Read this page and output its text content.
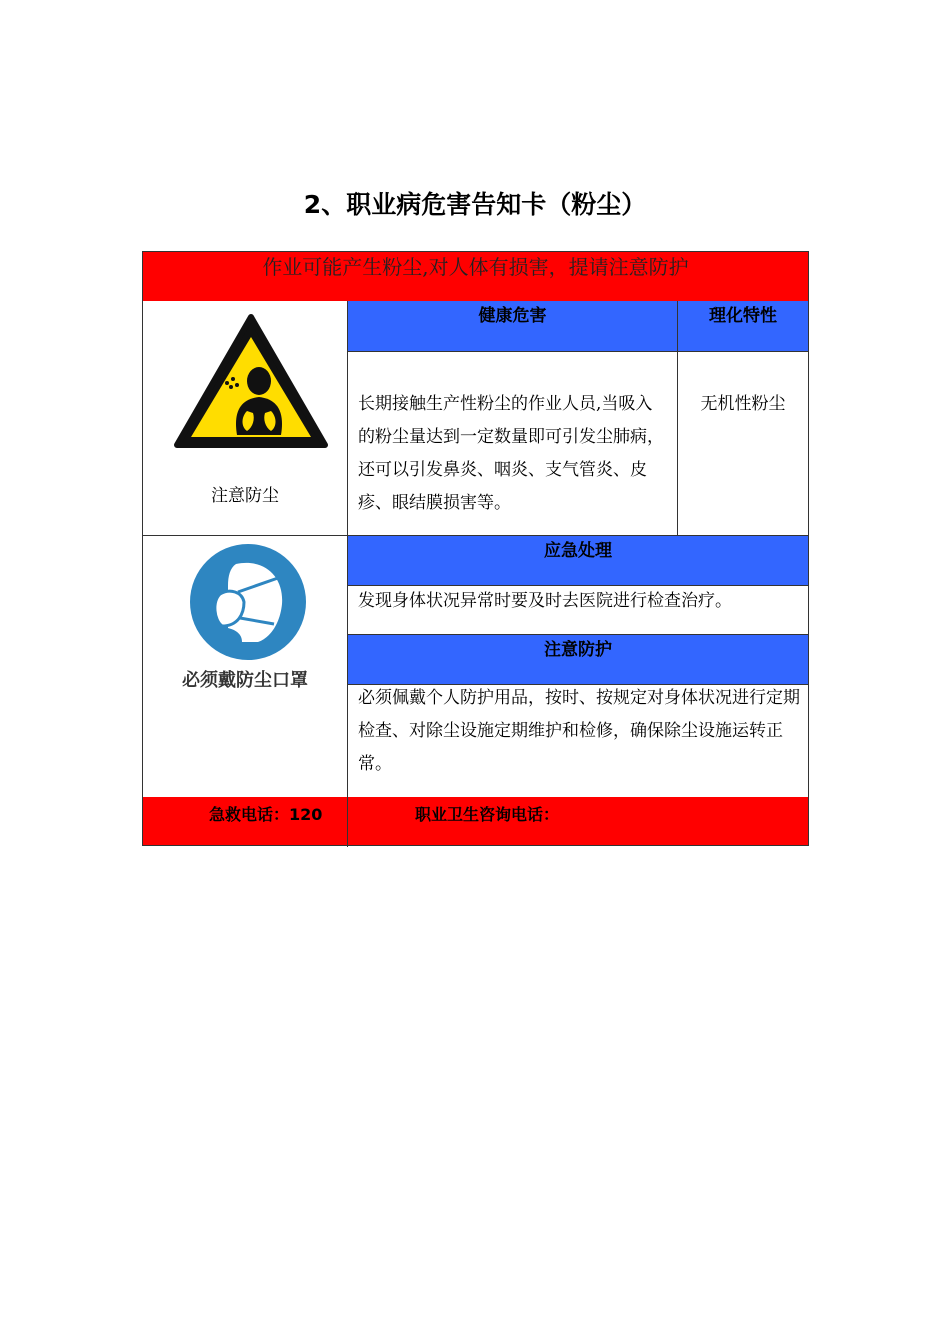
2、职业病危害告知卡（粉尘）
作业可能产生粉尘,对人体有损害，提请注意防护
注意防尘
健康危害	理化特性
长期接触生产性粉尘的作业人员,当吸入的粉尘量达到一定数量即可引发尘肺病，还可以引发鼻炎、咽炎、支气管炎、皮疹、眼结膜损害等。
无机性粉尘
必须戴防尘口罩
应急处理
发现身体状况异常时要及时去医院进行检查治疗。
注意防护
必须佩戴个人防护用品，按时、按规定对身体状况进行定期检查、对除尘设施定期维护和检修，确保除尘设施运转正常。
急救电话：120	职业卫生咨询电话：
